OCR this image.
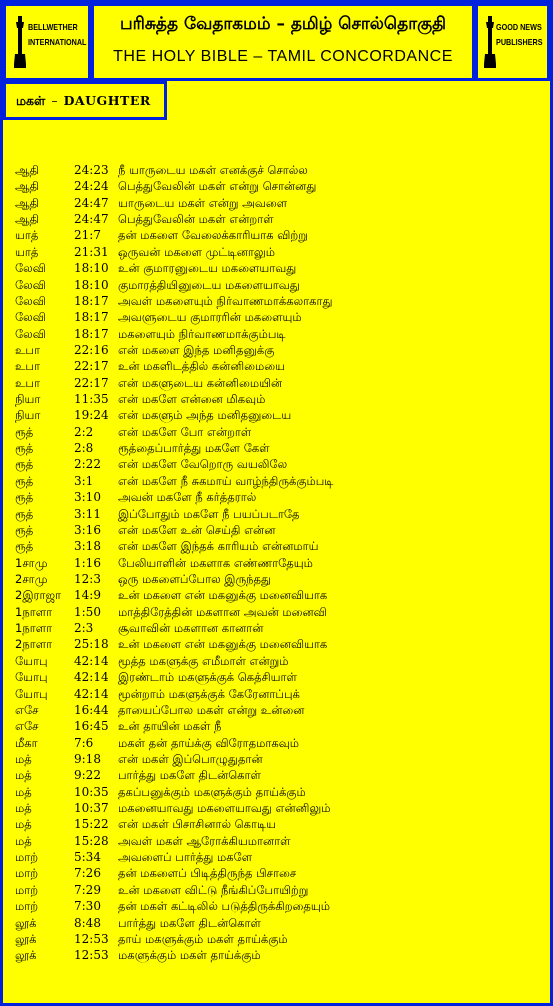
BELLWETHER
INTERNATIONAL
பரிசுத்த வேதாகமம் – தமிழ் சொல்தொகுதி
THE HOLY BIBLE – TAMIL CONCORDANCE
GOOD NEWS
PUBLISHERS
மகள் – DAUGHTER
ஆதி	24:23 நீ யாருடைய மகள் எனக்குச் சொல்ல
ஆதி	24:24 பெத்துவேலின் மகள் என்று சொன்னது
ஆதி	24:47 யாருடைய மகள் என்று அவளை
ஆதி	24:47 பெத்துவேலின் மகள் என்றாள்
யாத்	21:7 தன் மகளை வேலைக்காரியாக விற்று
யாத்	21:31 ஒருவன் மகளை முட்டினாலும்
லேவி 18:10 உன் குமாரனுடைய மகளையாவது
லேவி 18:10 குமாரத்தியினுடைய மகளையாவது
லேவி 18:17 அவள் மகளையும் நிர்வாணமாக்கலாகாது
லேவி 18:17 அவளுடைய குமாரரின் மகளையும்
லேவி 18:17 மகளையும் நிர்வாணமாக்கும்படி
உபா	22:16 என் மகளை இந்த மனிதனுக்கு
உபா	22:17 உன் மகளிடத்தில் கன்னிமையை
உபா	22:17 என் மகளுடைய கன்னிமையின்
நியா	11:35 என் மகளே என்னை மிகவும்
நியா	19:24 என் மகளும் அந்த மனிதனுடைய
ரூத்	2:2 என் மகளே போ என்றாள்
ரூத்	2:8 ரூத்தைப்பார்த்து மகளே கேள்
ரூத்	2:22 என் மகளே வேறொரு வயலிலே
ரூத்	3:1 என் மகளே நீ சுகமாய் வாழ்ந்திருக்கும்படி
ரூத்	3:10 அவன் மகளே நீ கர்த்தரால்
ரூத்	3:11 இப்போதும் மகளே நீ பயப்படாதே
ரூத்	3:16 என் மகளே உன் செய்தி என்ன
ரூத்	3:18 என் மகளே இந்தக் காரியம் என்னமாய்
1சாமு 1:16 பேலியாளின் மகளாக எண்ணாதேயும்
2சாமு 12:3 ஒரு மகளைப்போல இருந்தது
2இராஜா 14:9 உன் மகளை என் மகனுக்கு மனைவியாக
1நாளா 1:50 மாத்திரேத்தின் மகளான அவன் மனைவி
1நாளா 2:3 சூவாவின் மகளான கானான்
2நாளா 25:18 உன் மகளை என் மகனுக்கு மனைவியாக
யோபு 42:14 மூத்த மகளுக்கு எமீமாள் என்றும்
யோபு 42:14 இரண்டாம் மகளுக்குக் கெத்சியாள்
யோபு 42:14 மூன்றாம் மகளுக்குக் கேரேனாப்புக்
எசே	16:44 தாயைப்போல மகள் என்று உன்னை
எசே	16:45 உன் தாயின் மகள் நீ
மீகா	7:6 மகள் தன் தாய்க்கு விரோதமாகவும்
மத்	9:18 என் மகள் இப்பொழுதுதான்
மத்	9:22 பார்த்து மகளே திடன்கொள்
மத்	10:35 தகப்பனுக்கும் மகளுக்கும் தாய்க்கும்
மத்	10:37 மகனையாவது மகளையாவது என்னிலும்
மத்	15:22 என் மகள் பிசாசினால் கொடிய
மத்	15:28 அவள் மகள் ஆரோக்கியமானாள்
மாற்	5:34 அவளைப் பார்த்து மகளே
மாற்	7:26 தன் மகளைப் பிடித்திருந்த பிசாசை
மாற்	7:29 உன் மகளை விட்டு நீங்கிப்போயிற்று
மாற்	7:30 தன் மகள் கட்டிலில் படுத்திருக்கிறதையும்
லூக்	8:48 பார்த்து மகளே திடன்கொள்
லூக்	12:53 தாய் மகளுக்கும் மகள் தாய்க்கும்
லூக்	12:53 மகளுக்கும் மகள் தாய்க்கும்
